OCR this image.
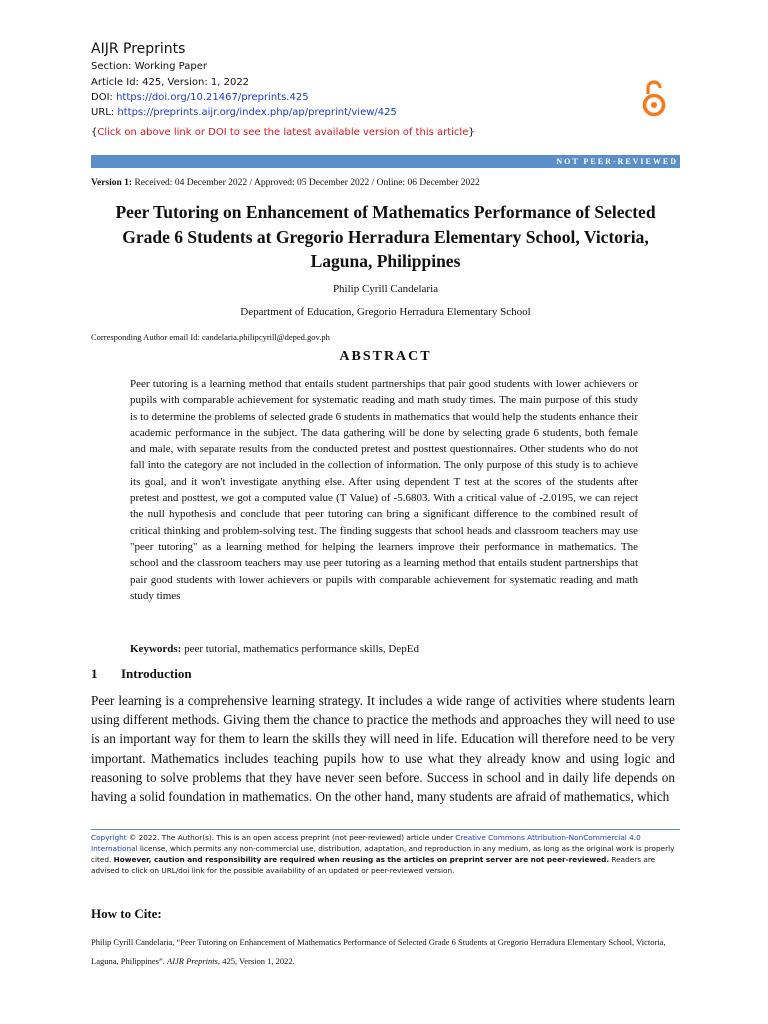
AIJR Preprints
Section: Working Paper
Article Id: 425, Version: 1, 2022
DOI: https://doi.org/10.21467/preprints.425
URL: https://preprints.aijr.org/index.php/ap/preprint/view/425
{Click on above link or DOI to see the latest available version of this article}
NOT PEER-REVIEWED
Version 1: Received: 04 December 2022 / Approved: 05 December 2022 / Online: 06 December 2022
Peer Tutoring on Enhancement of Mathematics Performance of Selected Grade 6 Students at Gregorio Herradura Elementary School, Victoria, Laguna, Philippines
Philip Cyrill Candelaria
Department of Education, Gregorio Herradura Elementary School
Corresponding Author email Id: candelaria.philipcyrill@deped.gov.ph
ABSTRACT
Peer tutoring is a learning method that entails student partnerships that pair good students with lower achievers or pupils with comparable achievement for systematic reading and math study times. The main purpose of this study is to determine the problems of selected grade 6 students in mathematics that would help the students enhance their academic performance in the subject. The data gathering will be done by selecting grade 6 students, both female and male, with separate results from the conducted pretest and posttest questionnaires. Other students who do not fall into the category are not included in the collection of information. The only purpose of this study is to achieve its goal, and it won't investigate anything else. After using dependent T test at the scores of the students after pretest and posttest, we got a computed value (T Value) of -5.6803. With a critical value of -2.0195, we can reject the null hypothesis and conclude that peer tutoring can bring a significant difference to the combined result of critical thinking and problem-solving test. The finding suggests that school heads and classroom teachers may use "peer tutoring" as a learning method for helping the learners improve their performance in mathematics. The school and the classroom teachers may use peer tutoring as a learning method that entails student partnerships that pair good students with lower achievers or pupils with comparable achievement for systematic reading and math study times
Keywords: peer tutorial, mathematics performance skills, DepEd
1 Introduction
Peer learning is a comprehensive learning strategy. It includes a wide range of activities where students learn using different methods. Giving them the chance to practice the methods and approaches they will need to use is an important way for them to learn the skills they will need in life. Education will therefore need to be very important. Mathematics includes teaching pupils how to use what they already know and using logic and reasoning to solve problems that they have never seen before. Success in school and in daily life depends on having a solid foundation in mathematics. On the other hand, many students are afraid of mathematics, which
Copyright © 2022. The Author(s). This is an open access preprint (not peer-reviewed) article under Creative Commons Attribution-NonCommercial 4.0 International license, which permits any non-commercial use, distribution, adaptation, and reproduction in any medium, as long as the original work is properly cited. However, caution and responsibility are required when reusing as the articles on preprint server are not peer-reviewed. Readers are advised to click on URL/doi link for the possible availability of an updated or peer-reviewed version.
How to Cite:
Philip Cyrill Candelaria, “Peer Tutoring on Enhancement of Mathematics Performance of Selected Grade 6 Students at Gregorio Herradura Elementary School, Victoria, Laguna, Philippines”. AIJR Preprints, 425, Version 1, 2022.
